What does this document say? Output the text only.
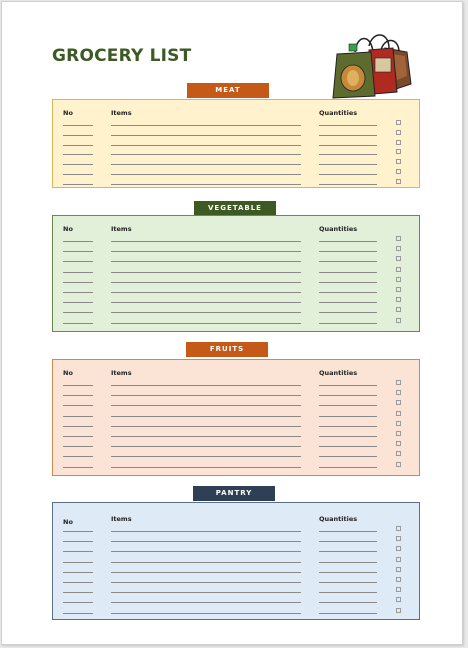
GROCERY LIST
MEAT
No	Items	Quantities
VEGETABLE
No	Items	Quantities
FRUITS
No	Items	Quantities
PANTRY
No	Items	Quantities
